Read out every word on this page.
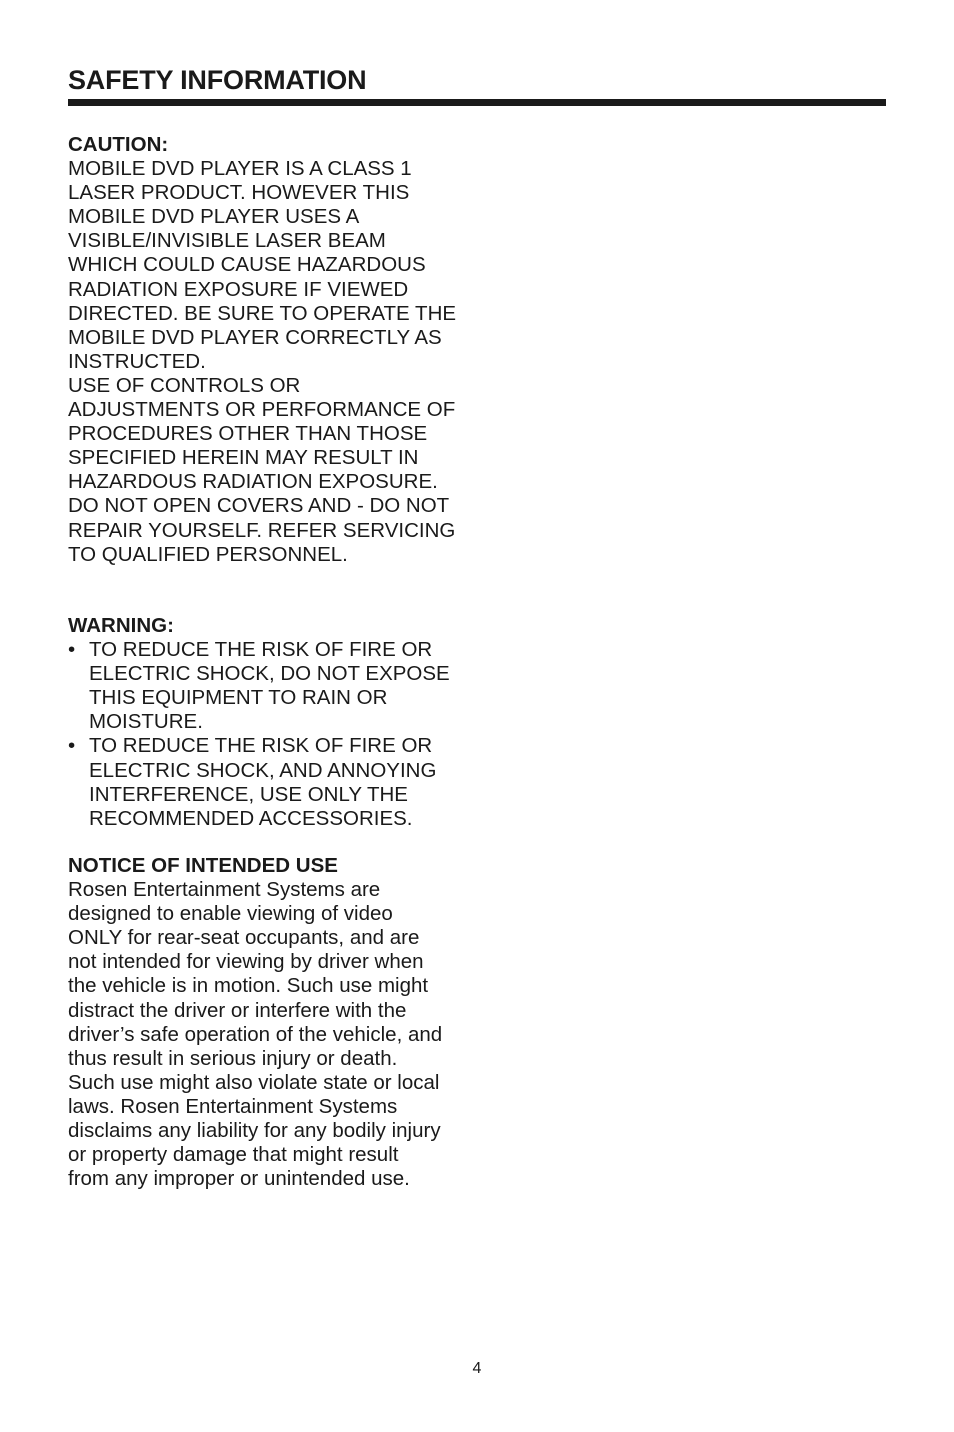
SAFETY INFORMATION

CAUTION:

MOBILE DVD PLAYER IS A CLASS 1
LASER PRODUCT. HOWEVER THIS
MOBILE DVD PLAYER USES A
VISIBLE/INVISIBLE LASER BEAM
WHICH COULD CAUSE HAZARDOUS
RADIATION EXPOSURE IF VIEWED
DIRECTED. BE SURE TO OPERATE THE
MOBILE DVD PLAYER CORRECTLY AS
INSTRUCTED.
USE OF CONTROLS OR
ADJUSTMENTS OR PERFORMANCE OF
PROCEDURES OTHER THAN THOSE
SPECIFIED HEREIN MAY RESULT IN
HAZARDOUS RADIATION EXPOSURE.
DO NOT OPEN COVERS AND - DO NOT
REPAIR YOURSELF. REFER SERVICING
TO QUALIFIED PERSONNEL.

WARNING:

• TO REDUCE THE RISK OF FIRE OR
ELECTRIC SHOCK, DO NOT EXPOSE
THIS EQUIPMENT TO RAIN OR
MOISTURE.
• TO REDUCE THE RISK OF FIRE OR
ELECTRIC SHOCK, AND ANNOYING
INTERFERENCE, USE ONLY THE
RECOMMENDED ACCESSORIES.

NOTICE OF INTENDED USE

Rosen Entertainment Systems are
designed to enable viewing of video
ONLY for rear-seat occupants, and are
not intended for viewing by driver when
the vehicle is in motion. Such use might
distract the driver or interfere with the
driver’s safe operation of the vehicle, and
thus result in serious injury or death.
Such use might also violate state or local
laws. Rosen Entertainment Systems
disclaims any liability for any bodily injury
or property damage that might result
from any improper or unintended use.
4
